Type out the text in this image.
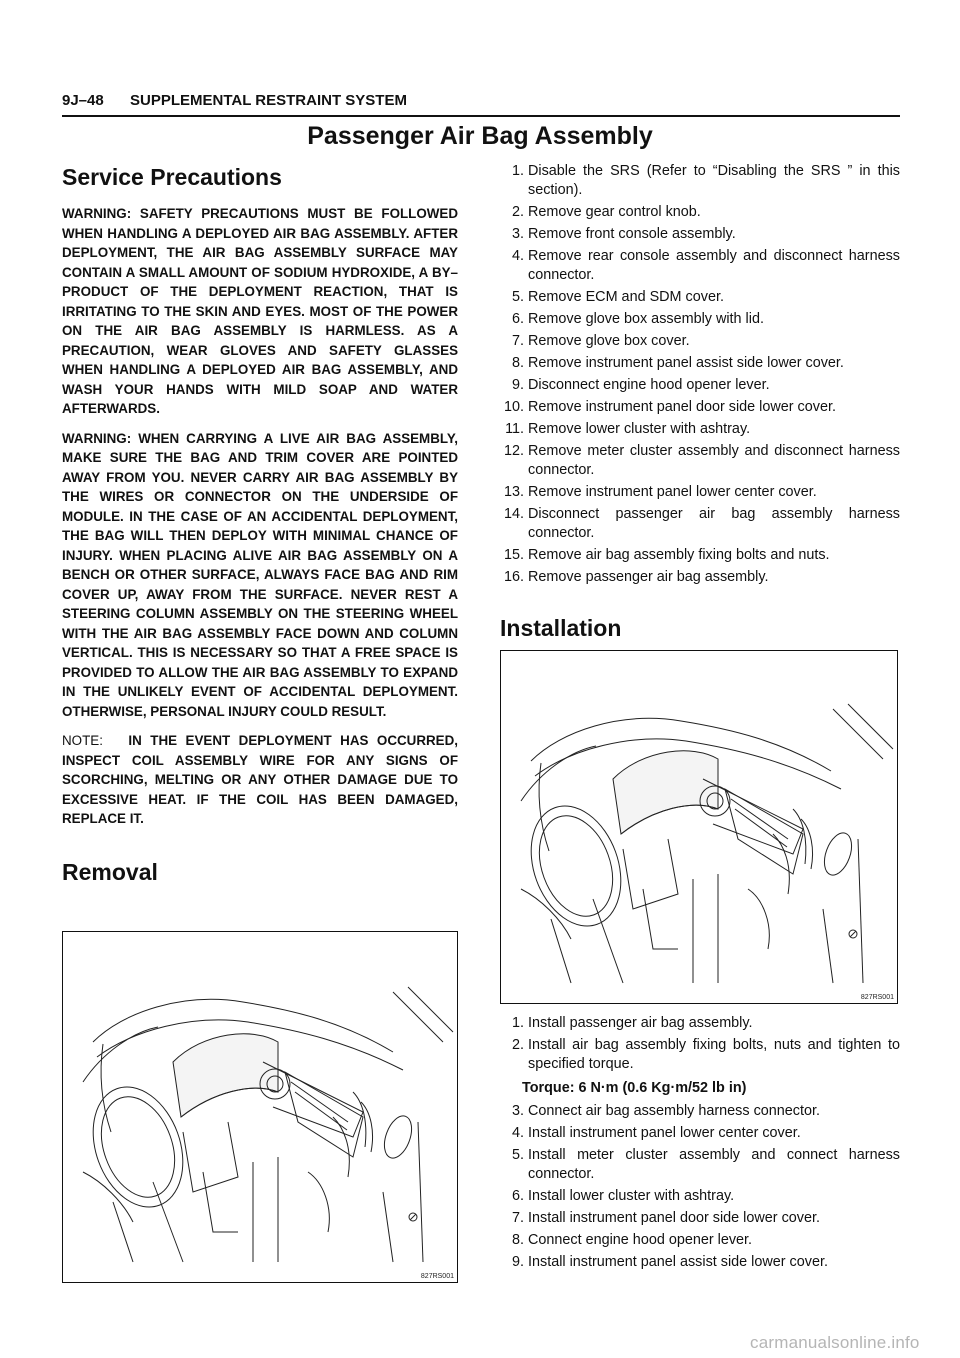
9J–48 SUPPLEMENTAL RESTRAINT SYSTEM
Passenger Air Bag Assembly
Service Precautions

WARNING: SAFETY PRECAUTIONS MUST BE FOLLOWED WHEN HANDLING A DEPLOYED AIR BAG ASSEMBLY. AFTER DEPLOYMENT, THE AIR BAG ASSEMBLY SURFACE MAY CONTAIN A SMALL AMOUNT OF SODIUM HYDROXIDE, A BY–PRODUCT OF THE DEPLOYMENT REACTION, THAT IS IRRITATING TO THE SKIN AND EYES. MOST OF THE POWER ON THE AIR BAG ASSEMBLY IS HARMLESS. AS A PRECAUTION, WEAR GLOVES AND SAFETY GLASSES WHEN HANDLING A DEPLOYED AIR BAG ASSEMBLY, AND WASH YOUR HANDS WITH MILD SOAP AND WATER AFTERWARDS.

WARNING: WHEN CARRYING A LIVE AIR BAG ASSEMBLY, MAKE SURE THE BAG AND TRIM COVER ARE POINTED AWAY FROM YOU. NEVER CARRY AIR BAG ASSEMBLY BY THE WIRES OR CONNECTOR ON THE UNDERSIDE OF MODULE. IN THE CASE OF AN ACCIDENTAL DEPLOYMENT, THE BAG WILL THEN DEPLOY WITH MINIMAL CHANCE OF INJURY. WHEN PLACING ALIVE AIR BAG ASSEMBLY ON A BENCH OR OTHER SURFACE, ALWAYS FACE BAG AND RIM COVER UP, AWAY FROM THE SURFACE. NEVER REST A STEERING COLUMN ASSEMBLY ON THE STEERING WHEEL WITH THE AIR BAG ASSEMBLY FACE DOWN AND COLUMN VERTICAL. THIS IS NECESSARY SO THAT A FREE SPACE IS PROVIDED TO ALLOW THE AIR BAG ASSEMBLY TO EXPAND IN THE UNLIKELY EVENT OF ACCIDENTAL DEPLOYMENT. OTHERWISE, PERSONAL INJURY COULD RESULT.

NOTE: IN THE EVENT DEPLOYMENT HAS OCCURRED, INSPECT COIL ASSEMBLY WIRE FOR ANY SIGNS OF SCORCHING, MELTING OR ANY OTHER DAMAGE DUE TO EXCESSIVE HEAT. IF THE COIL HAS BEEN DAMAGED, REPLACE IT.

Removal
827RS001
1. Disable the SRS (Refer to “Disabling the SRS ” in this section).
2. Remove gear control knob.
3. Remove front console assembly.
4. Remove rear console assembly and disconnect harness connector.
5. Remove ECM and SDM cover.
6. Remove glove box assembly with lid.
7. Remove glove box cover.
8. Remove instrument panel assist side lower cover.
9. Disconnect engine hood opener lever.
10. Remove instrument panel door side lower cover.
11. Remove lower cluster with ashtray.
12. Remove meter cluster assembly and disconnect harness connector.
13. Remove instrument panel lower center cover.
14. Disconnect passenger air bag assembly harness connector.
15. Remove air bag assembly fixing bolts and nuts.
16. Remove passenger air bag assembly.
Installation
827RS001
1. Install passenger air bag assembly.
2. Install air bag assembly fixing bolts, nuts and tighten to specified torque.
Torque: 6 N·m (0.6 Kg·m/52 lb in)
3. Connect air bag assembly harness connector.
4. Install instrument panel lower center cover.
5. Install meter cluster assembly and connect harness connector.
6. Install lower cluster with ashtray.
7. Install instrument panel door side lower cover.
8. Connect engine hood opener lever.
9. Install instrument panel assist side lower cover.
carmanualsonline.info
